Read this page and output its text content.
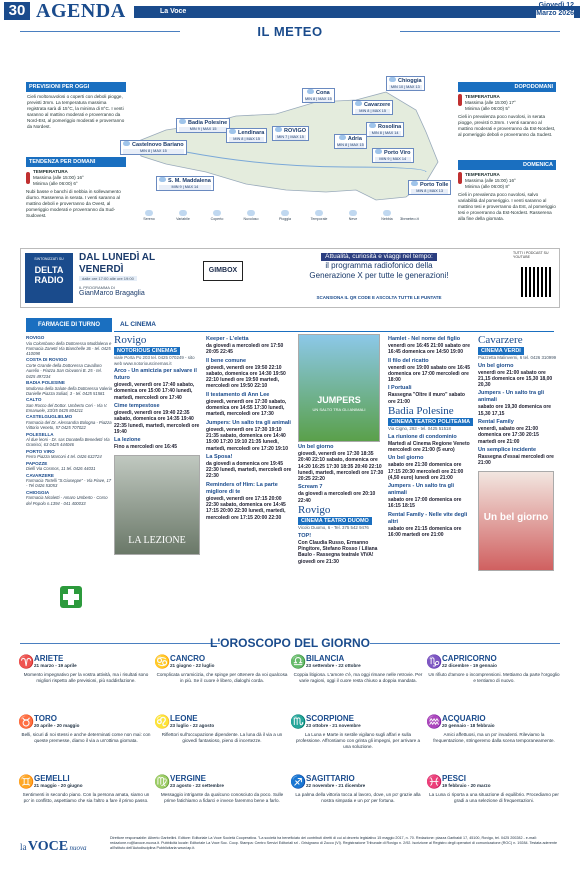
30 AGENDA	La Voce
Giovedì 12
Marzo 2026
IL METEO
PREVISIONI PER OGGI
Cieli moltonuvolosi o coperti con deboli piogge, previsti 3mm. La temperatura massima registrata sarà di 15°C, la minima di 8°C. I venti saranno al mattino moderati e proverranno da Nord-Est, al pomeriggio moderati e proverranno da Nordest.
TENDENZA PER DOMANI
TEMPERATURA
Massima (alle 15:00) 16°
Minima (alle 06:00) 6°
Nubi basse e banchi di nebbia in sollevamento diurno. Rasserena in serata. I venti saranno al mattino deboli e proverranno da Ovest, al pomeriggio moderati e proverranno da Sud-Sudovest.
DOPODOMANI
TEMPERATURA
Massima (alle 15:00) 17°
Minima (alle 06:00) 5°
Cieli in prevalenza poco nuvolosi, in serata piogge, previsti 0.3mm. I venti saranno al mattino moderati e proverranno da Est-Nordest, al pomeriggio deboli e proverranno da Sudest.
DOMENICA
TEMPERATURA
Massima (alle 15:00) 16°
Minima (alle 06:00) 8°
Cieli in prevalenza poco nuvolosi, salvo variabilità dal pomeriggio. I venti saranno al mattino tesi e proverranno da Est, al pomeriggio tesi e proverranno da Est-Nordest. Rasserena alla fine della giornata.
Chioggia
MIN 10 | MAX 13
Cona
MIN 8 | MAX 15
Cavarzere
MIN 8 | MAX 15
Badia Polesine
MIN 9 | MAX 15
Lendinara
MIN 8 | MAX 15
ROVIGO
MIN 7 | MAX 15	Adria
MIN 8 | MAX 15
Rosolina
MIN 8 | MAX 14
Castelnovo Bariano
MIN 8 | MAX 15	Porto Viro
MIN 9 | MAX 14
S. M. Maddalena
MIN 9 | MAX 14	Porto Tolle
MIN 8 | MAX 13
Sereno	Variabile	Coperto	Nuvoloso	Pioggia	Temporale	Neve	Nebbia	3bmeteo.it
SINTONIZZATI SU
DELTA RADIO
DAL LUNEDÌ AL VENERDÌ
dalle ore 17:00 alle ore 19:00
IL PROGRAMMA DI
GianMarco Bragaglia
GIMBOX
Attualità, curiosità e viaggi nel tempo:
il programma radiofonico della
Generazione X per tutte le generazioni!
SCANSIONA IL QR CODE E ASCOLTA TUTTE LE PUNTATE
TUTTI I PODCAST SU YOUTUBE
FARMACIE DI TURNO	AL CINEMA
ROVIGO
Via Colombano della Dottoressa Maddalena e Farmacia Zanetti Via Bianchelle 36 - tel. 0425 410098
COSTA DI ROVIGO
Corte Grande della Dottoressa Cavallaro Aurelio - Piazza San Giovanni B. 25 - tel. 0425 497234
BADIA POLESINE
Madonna della Salute della Dottoressa Valeria Danielle Piazza Soliati, 3 - tel. 0425 51581
CALTO
San Rocco del Dottor. Umberto Ceri - Via V. Emanuele, 33/35 0425 804211
CASTELGUGLIELMO
Farmacia del Dr. Alessandra Bologna - Piazza Vittorio Veneto, 57 0425 707022
POLESELLA
Al due leoni - Dr. sas Donatella Benedetti Via Granisci, 63 0425 444046
PORTO VIRO
Ferro Piazza Marconi 4 tel. 0426 632724
PAPOZZE
Dielli Via Cosmos, 11 tel. 0426 44031
CAVARZERE
Farmacia Tortelli "S.Giuseppe" - Via Piave, 17 - Tel 0426 53053
CHIOGGIA
Farmacia Nicoletti - Amaro Umberto - Corso del Popolo n.1394 - 041 400033
Rovigo
NOTORIOUS CINEMAS
viale Porta Po 203 tel. 0425 070249 - sito web www.notoriouscinemas.it
Arco - Un amicizia per salvare il futuro
giovedì, venerdì ore 17:40 sabato, domenica ore 15:00 17:40 lunedì, martedì, mercoledì ore 17:40
Cime tempestose
giovedì, venerdì ore 19:40 22:35 sabato, domenica ore 14:35 19:40 22:35 lunedì, martedì, mercoledì ore 19:40
La lezione
Fino a mercoledì ore 16:45
LA LEZIONE
Keeper - L'eletta
da giovedì a mercoledì ore 17:50 20:05 22:45
Il bene comune
giovedì, venerdì ore 19:50 22:10 sabato, domenica ore 14:30 19:50 22:10 lunedì ore 19:50 martedì, mercoledì ore 19:50 22:10
Il testamento di Ann Lee
giovedì, venerdì ore 17:30 sabato, domenica ore 14:55 17:30 lunedì, martedì, mercoledì ore 17:30
Jumpers: Un salto tra gli animali
giovedì, venerdì ore 17:30 19:10 21:35 sabato, domenica ore 14:40 15:00 17:20 19:10 21:35 lunedì, martedì, mercoledì ore 17:20 19:10
La Sposa!
da giovedì a domenica ore 19:45 22:30 lunedì, martedì, mercoledì ore 22:30
Reminders of Him: La parte migliore di te
giovedì, venerdì ore 17:15 20:00 22:30 sabato, domenica ore 14:45 17:15 20:00 22:30 lunedì, martedì, mercoledì ore 17:15 20:00 22:30
JUMPERS
UN SALTO TRA GLI ANIMALI
Un bel giorno
giovedì, venerdì ore 17:30 18:35 20:40 22:10 sabato, domenica ore 14:20 16:25 17:30 18:35 20:40 22:10 lunedì, martedì, mercoledì ore 17:30 20:25 22:20
Scream 7
da giovedì a mercoledì ore 20:10 22:40
Rovigo
CINEMA TEATRO DUOMO
Vicolo Duomo, 6 - Tel. 375 542 9476
TOP!
Con Claudia Russo, Ermanno Pingitore, Stefano Rosso / Liliana Baulo - Rassegna teatrale VIVA! giovedì ore 21:30
Hamlet - Nel nome del figlio
venerdì ore 16:45 21:00 sabato ore 16:45 domenica ore 14:50 19:00
Il filo del ricatto
venerdì ore 19:00 sabato ore 16:45 domenica ore 17:00 mercoledì ore 18:00
I Portuali
Rassegna "Oltre il muro" sabato ore 21:00
Badia Polesine
CINEMA TEATRO POLITEAMA
Via Cigno, 293 - tel. 0425 51518
La riunione di condominio
Martedì al Cinema Regione Veneto mercoledì ore 21:00 (5 euro)
Un bel giorno
sabato ore 21:30 domenica ore 17:15 20:30 mercoledì ore 21:00 (4,50 euro) lunedì ore 21:00
Jumpers - Un salto tra gli animali
sabato ore 17:00 domenica ore 16:15 18:15
Rental Family - Nelle vite degli altri
sabato ore 21:15 domenica ore 16:00 martedì ore 21:00
Cavarzere
CINEMA VERDI
Piazzetta Malinverni, 6 tel. 0426 310999
Un bel giorno
venerdì ore 21:00 sabato ore 21,15 domenica ore 15,30 18,00 20,30
Jumpers - Un salto tra gli animali
sabato ore 19,30 domenica ore 15,30 17,15
Rental Family
venerdì, sabato ore 21:00 domenica ore 17:30 20:15 martedì ore 21:00
Un semplice incidente
Rassegna d'essai mercoledì ore 21:00
Un bel giorno
L'OROSCOPO DEL GIORNO
♈ ARIETE
21 marzo - 19 aprile
Momento impegnativo per la vostra attività, ma i risultati sono migliori rispetto alle previsioni, più soddisfazione.
♋ CANCRO
21 giugno - 22 luglio
Complicata un'amicizia, che spinge per ottenere da voi qualcosa in più. Se il cuore è libero, dialoghi corda.
♎ BILANCIA
23 settembre - 22 ottobre
Coppia litigiosa. L'amore c'è, ma oggi rimane nelle retrovie. Per varie ragioni, oggi il cuore resta chiuso a doppia mandata.
♑ CAPRICORNO
22 dicembre - 19 gennaio
Un rifiuto d'amore o incomprensioni. Mettiamo da parte l'orgoglio e tentiamo di nuovo.
♉ TORO
20 aprile - 20 maggio
Belli, sicuri di noi stessi e anche determinati come non mai: con queste premesse, diamo il via a un'ottima giornata.
♌ LEONE
23 luglio - 22 agosto
Riflettori sull'occupazione dipendente. La luna dà il via a un giovedì fantasioso, pieno di incertezze.
♏ SCORPIONE
23 ottobre - 21 novembre
La Luna e Marte in sestile vigilano sugli affari e sulla professione. Affrontiamo con grinta gli impegni, per arrivare a una soluzione.
♒ ACQUARIO
20 gennaio - 18 febbraio
Amici affettuosi, ma un po' invadenti. Rileviamo la frequentazione, stringeremo dalla scena temporaneamente.
♊ GEMELLI
21 maggio - 20 giugno
Sentimenti in secondo piano. Con la persona amata, siamo un po' in conflitto, aspettiamo che sia l'altro a fare il primo passo.
♍ VERGINE
23 agosto - 22 settembre
Messaggio intrigante da qualcuno conosciuto da poco. Sulle prime fatichiamo a fidarci e invece faremmo bene a farlo.
♐ SAGITTARIO
22 novembre - 21 dicembre
La palma della vittoria tocca al lavoro, dove, un po' grazie alla nostra simpatia e un po' per fortuna.
♓ PESCI
19 febbraio - 20 marzo
La Luna ci riporta a una situazione di equilibrio. Procediamo per gradi a una selezione di frequentazioni.
la VOCE nuova
Direttore responsabile: Alberto Garbellini. Editore: Editoriale La Voce Società Cooperativa. "La società ha beneficiato dei contributi diretti di cui al decreto legislativo 15 maggio 2017, n. 70. Redazione: piazza Garibaldi 17, 45100, Rovigo, tel. 0425 200282 - e-mail: redazione.ro@lavoce-nuova.it. Pubblicità locale: Editoriale La Voce Soc. Coop. Stampa: Centro Servizi Editoriali srl - Grisignano di Zocco (VI). Registrazione Tribunale di Rovigo n. 2/92. Iscrizione al Registro degli operatori di comunicazione (ROC) n. 19284. Testata aderente all'Istituto dell'Autodisciplina Pubblicitaria www.iap.it.
